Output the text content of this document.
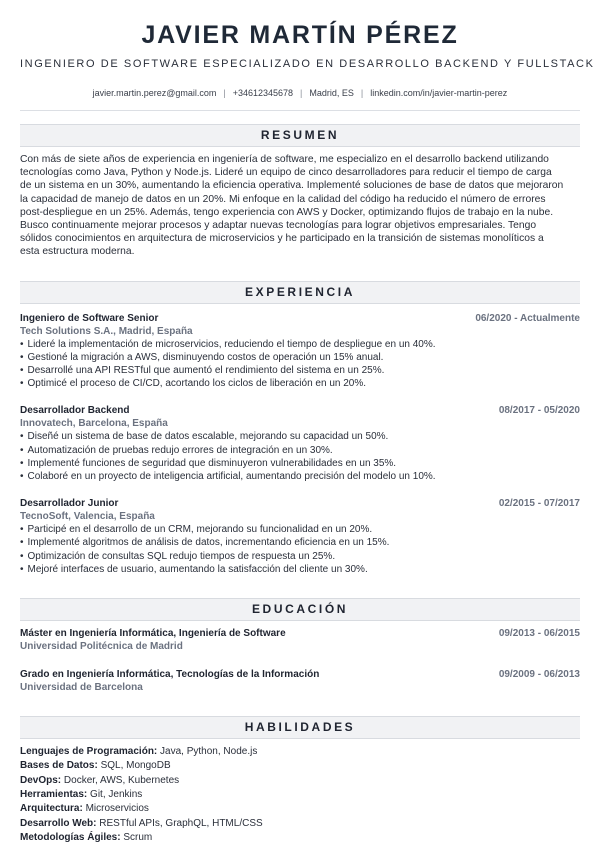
JAVIER MARTÍN PÉREZ
INGENIERO DE SOFTWARE ESPECIALIZADO EN DESARROLLO BACKEND Y FULLSTACK
javier.martin.perez@gmail.com | +34612345678 | Madrid, ES | linkedin.com/in/javier-martin-perez
RESUMEN
Con más de siete años de experiencia en ingeniería de software, me especializo en el desarrollo backend utilizando
tecnologías como Java, Python y Node.js. Lideré un equipo de cinco desarrolladores para reducir el tiempo de carga
de un sistema en un 30%, aumentando la eficiencia operativa. Implementé soluciones de base de datos que mejoraron
la capacidad de manejo de datos en un 20%. Mi enfoque en la calidad del código ha reducido el número de errores
post-despliegue en un 25%. Además, tengo experiencia con AWS y Docker, optimizando flujos de trabajo en la nube.
Busco continuamente mejorar procesos y adaptar nuevas tecnologías para lograr objetivos empresariales. Tengo
sólidos conocimientos en arquitectura de microservicios y he participado en la transición de sistemas monolíticos a
esta estructura moderna.
EXPERIENCIA
Ingeniero de Software Senior	06/2020 - Actualmente
Tech Solutions S.A., Madrid, España
• Lideré la implementación de microservicios, reduciendo el tiempo de despliegue en un 40%.
• Gestioné la migración a AWS, disminuyendo costos de operación un 15% anual.
• Desarrollé una API RESTful que aumentó el rendimiento del sistema en un 25%.
• Optimicé el proceso de CI/CD, acortando los ciclos de liberación en un 20%.
Desarrollador Backend	08/2017 - 05/2020
Innovatech, Barcelona, España
• Diseñé un sistema de base de datos escalable, mejorando su capacidad un 50%.
• Automatización de pruebas redujo errores de integración en un 30%.
• Implementé funciones de seguridad que disminuyeron vulnerabilidades en un 35%.
• Colaboré en un proyecto de inteligencia artificial, aumentando precisión del modelo un 10%.
Desarrollador Junior	02/2015 - 07/2017
TecnoSoft, Valencia, España
• Participé en el desarrollo de un CRM, mejorando su funcionalidad en un 20%.
• Implementé algoritmos de análisis de datos, incrementando eficiencia en un 15%.
• Optimización de consultas SQL redujo tiempos de respuesta un 25%.
• Mejoré interfaces de usuario, aumentando la satisfacción del cliente un 30%.
EDUCACIÓN
Máster en Ingeniería Informática, Ingeniería de Software	09/2013 - 06/2015
Universidad Politécnica de Madrid
Grado en Ingeniería Informática, Tecnologías de la Información	09/2009 - 06/2013
Universidad de Barcelona
HABILIDADES
Lenguajes de Programación: Java, Python, Node.js
Bases de Datos: SQL, MongoDB
DevOps: Docker, AWS, Kubernetes
Herramientas: Git, Jenkins
Arquitectura: Microservicios
Desarrollo Web: RESTful APIs, GraphQL, HTML/CSS
Metodologías Ágiles: Scrum
